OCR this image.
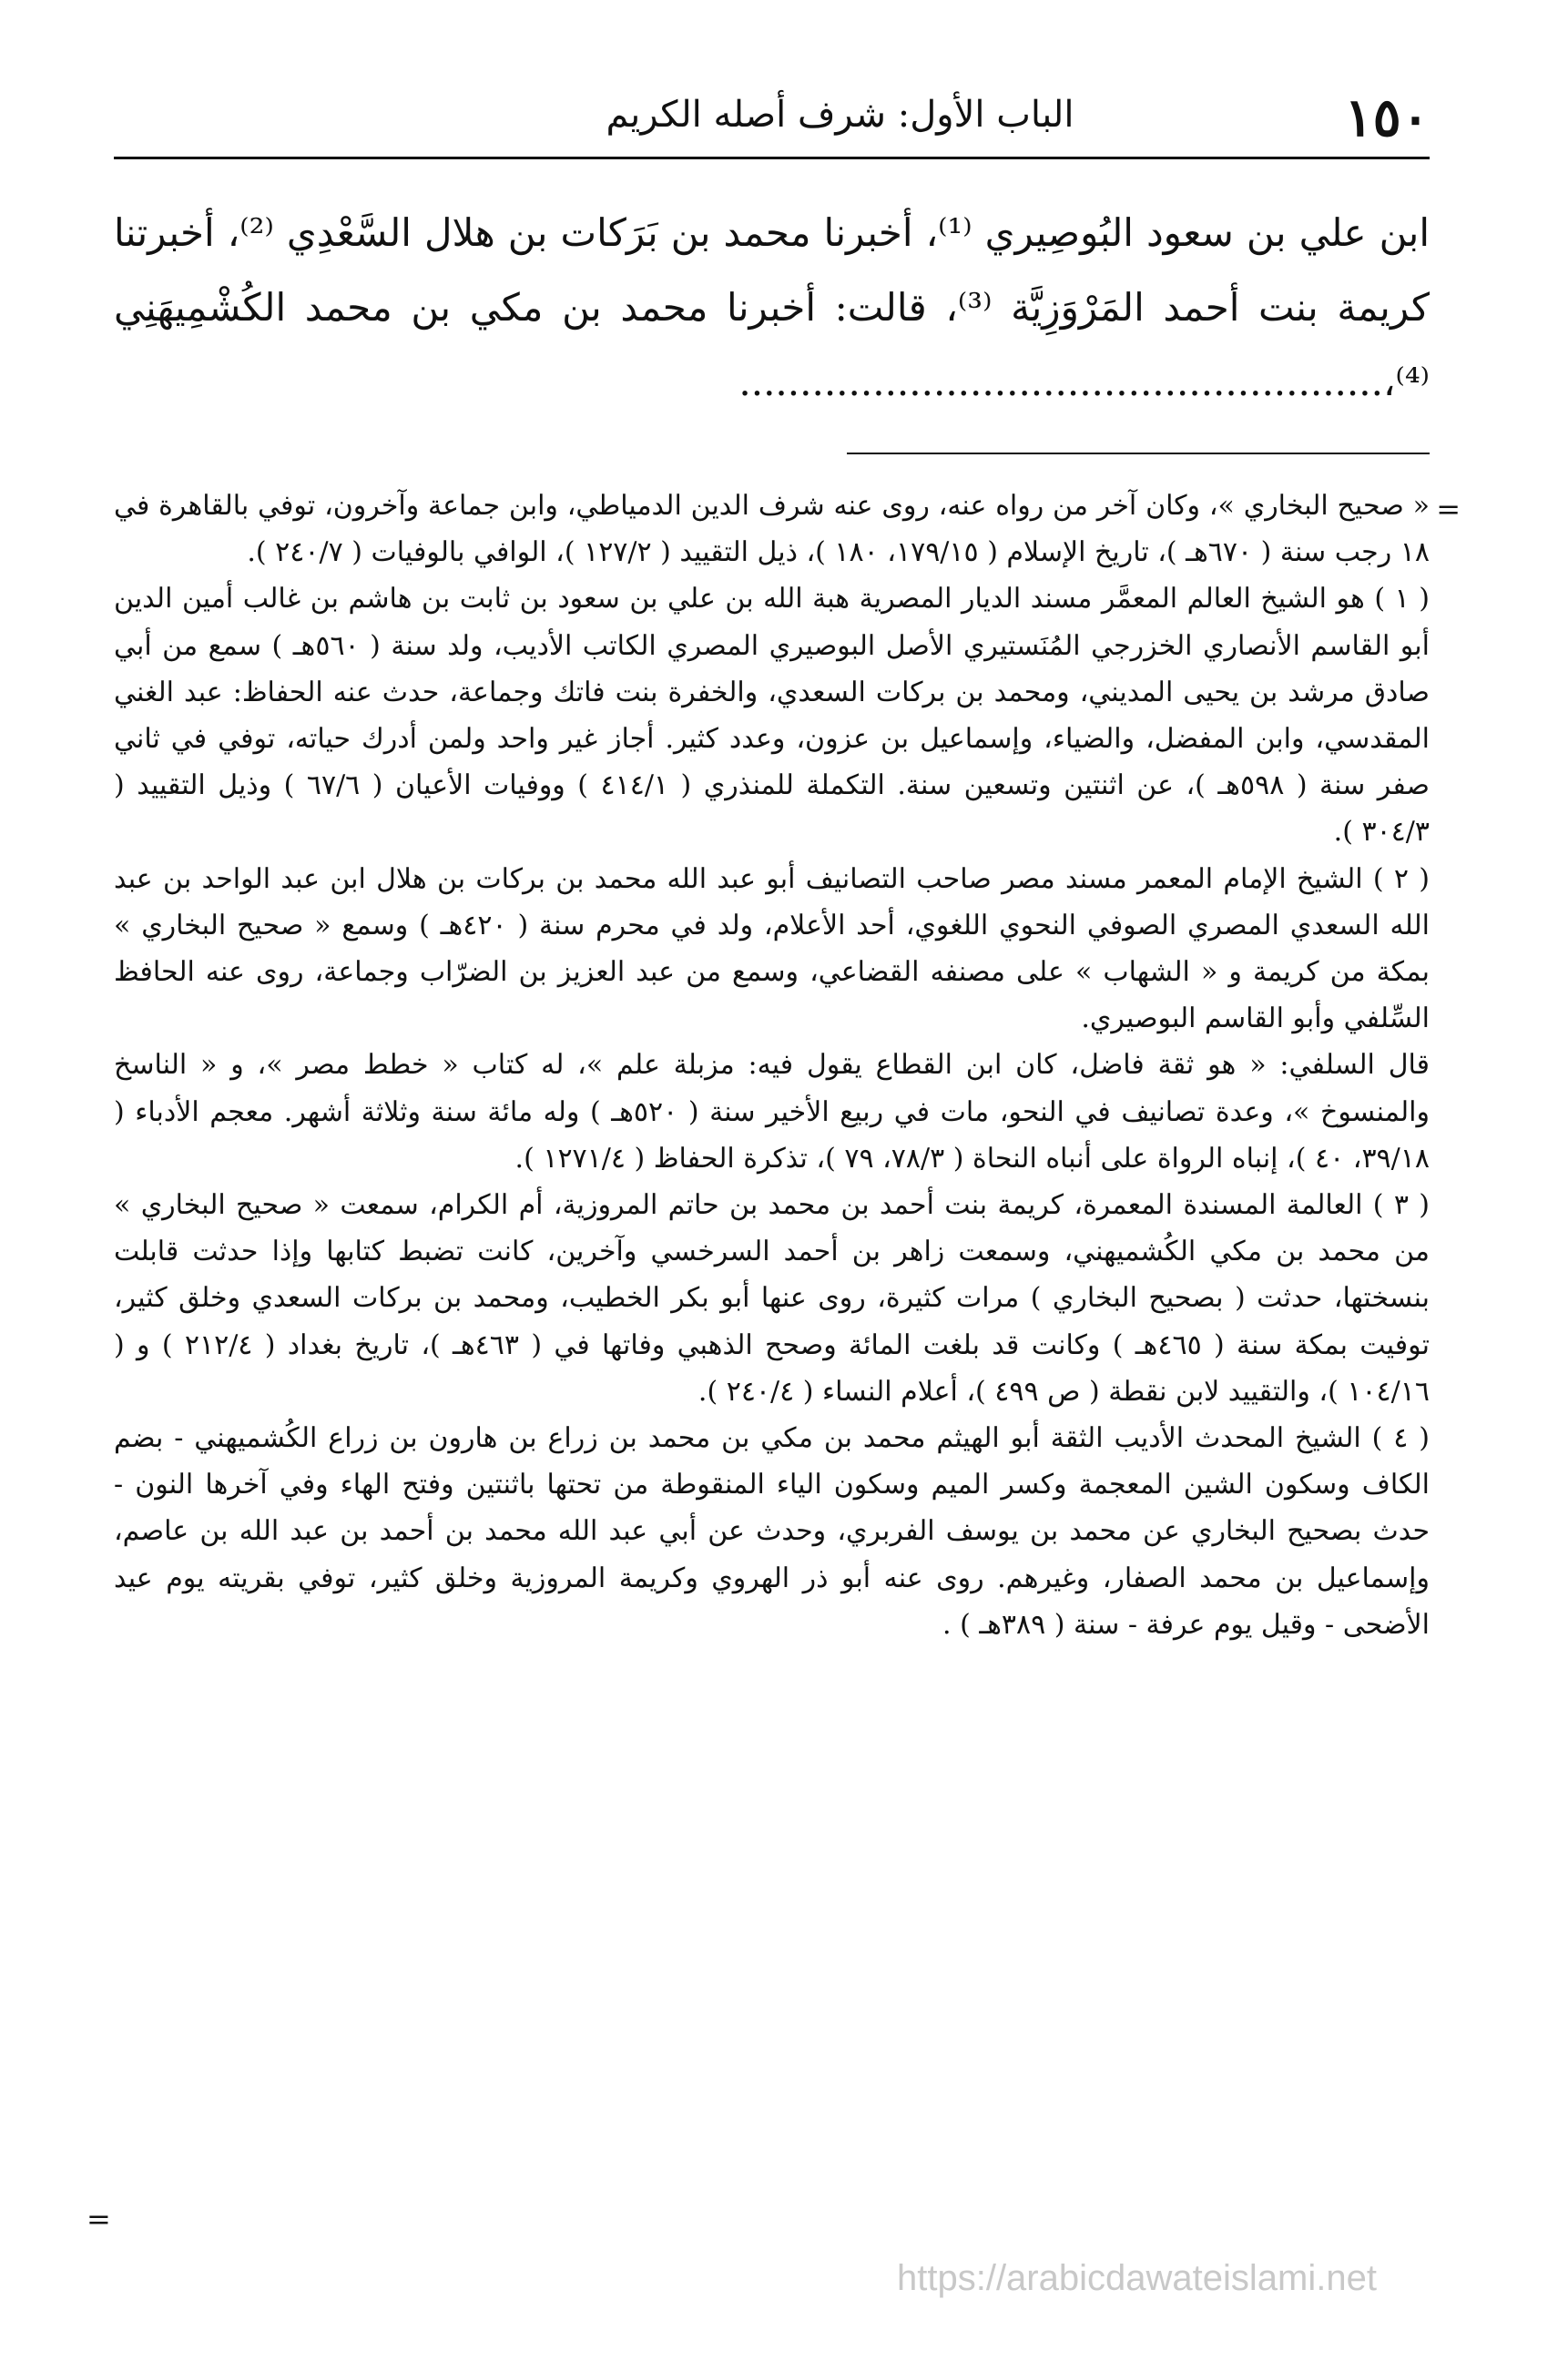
١٥٠
الباب الأول: شرف أصله الكريم

ابن علي بن سعود البُوصِيري ⁽¹⁾، أخبرنا محمد بن بَرَكات بن هلال السَّعْدِي ⁽²⁾، أخبرتنا كريمة بنت أحمد المَرْوَزِيَّة ⁽³⁾، قالت: أخبرنا محمد بن مكي بن محمد الكُشْمِيهَنِي ⁽⁴⁾،.....................................................

=

« صحيح البخاري »، وكان آخر من رواه عنه، روى عنه شرف الدين الدمياطي، وابن جماعة وآخرون، توفي بالقاهرة في ١٨ رجب سنة ( ٦٧٠هـ )، تاريخ الإسلام ( ١٧٩/١٥، ١٨٠ )، ذيل التقييد ( ١٢٧/٢ )، الوافي بالوفيات ( ٢٤٠/٧ ).

( ١ ) هو الشيخ العالم المعمَّر مسند الديار المصرية هبة الله بن علي بن سعود بن ثابت بن هاشم بن غالب أمين الدين أبو القاسم الأنصاري الخزرجي المُنَستيري الأصل البوصيري المصري الكاتب الأديب، ولد سنة ( ٥٦٠هـ ) سمع من أبي صادق مرشد بن يحيى المديني، ومحمد بن بركات السعدي، والخفرة بنت فاتك وجماعة، حدث عنه الحفاظ: عبد الغني المقدسي، وابن المفضل، والضياء، وإسماعيل بن عزون، وعدد كثير. أجاز غير واحد ولمن أدرك حياته، توفي في ثاني صفر سنة ( ٥٩٨هـ )، عن اثنتين وتسعين سنة. التكملة للمنذري ( ٤١٤/١ ) ووفيات الأعيان ( ٦٧/٦ ) وذيل التقييد ( ٣٠٤/٣ ).

( ٢ ) الشيخ الإمام المعمر مسند مصر صاحب التصانيف أبو عبد الله محمد بن بركات بن هلال ابن عبد الواحد بن عبد الله السعدي المصري الصوفي النحوي اللغوي، أحد الأعلام، ولد في محرم سنة ( ٤٢٠هـ ) وسمع « صحيح البخاري » بمكة من كريمة و « الشهاب » على مصنفه القضاعي، وسمع من عبد العزيز بن الضرّاب وجماعة، روى عنه الحافظ السِّلفي وأبو القاسم البوصيري.

قال السلفي: « هو ثقة فاضل، كان ابن القطاع يقول فيه: مزبلة علم »، له كتاب « خطط مصر »، و « الناسخ والمنسوخ »، وعدة تصانيف في النحو، مات في ربيع الأخير سنة ( ٥٢٠هـ ) وله مائة سنة وثلاثة أشهر. معجم الأدباء ( ٣٩/١٨، ٤٠ )، إنباه الرواة على أنباه النحاة ( ٧٨/٣، ٧٩ )، تذكرة الحفاظ ( ١٢٧١/٤ ).

( ٣ ) العالمة المسندة المعمرة، كريمة بنت أحمد بن محمد بن حاتم المروزية، أم الكرام، سمعت « صحيح البخاري » من محمد بن مكي الكُشميهني، وسمعت زاهر بن أحمد السرخسي وآخرين، كانت تضبط كتابها وإذا حدثت قابلت بنسختها، حدثت ( بصحيح البخاري ) مرات كثيرة، روى عنها أبو بكر الخطيب، ومحمد بن بركات السعدي وخلق كثير، توفيت بمكة سنة ( ٤٦٥هـ ) وكانت قد بلغت المائة وصحح الذهبي وفاتها في ( ٤٦٣هـ )، تاريخ بغداد ( ٢١٢/٤ ) و ( ١٠٤/١٦ )، والتقييد لابن نقطة ( ص ٤٩٩ )، أعلام النساء ( ٢٤٠/٤ ).

( ٤ ) الشيخ المحدث الأديب الثقة أبو الهيثم محمد بن مكي بن محمد بن زراع بن هارون بن زراع الكُشميهني - بضم الكاف وسكون الشين المعجمة وكسر الميم وسكون الياء المنقوطة من تحتها باثنتين وفتح الهاء وفي آخرها النون - حدث بصحيح البخاري عن محمد بن يوسف الفربري، وحدث عن أبي عبد الله محمد بن أحمد بن عبد الله بن عاصم، وإسماعيل بن محمد الصفار، وغيرهم. روى عنه أبو ذر الهروي وكريمة المروزية وخلق كثير، توفي بقريته يوم عيد الأضحى - وقيل يوم عرفة - سنة ( ٣٨٩هـ ) .

=
https://arabicdawateislami.net
